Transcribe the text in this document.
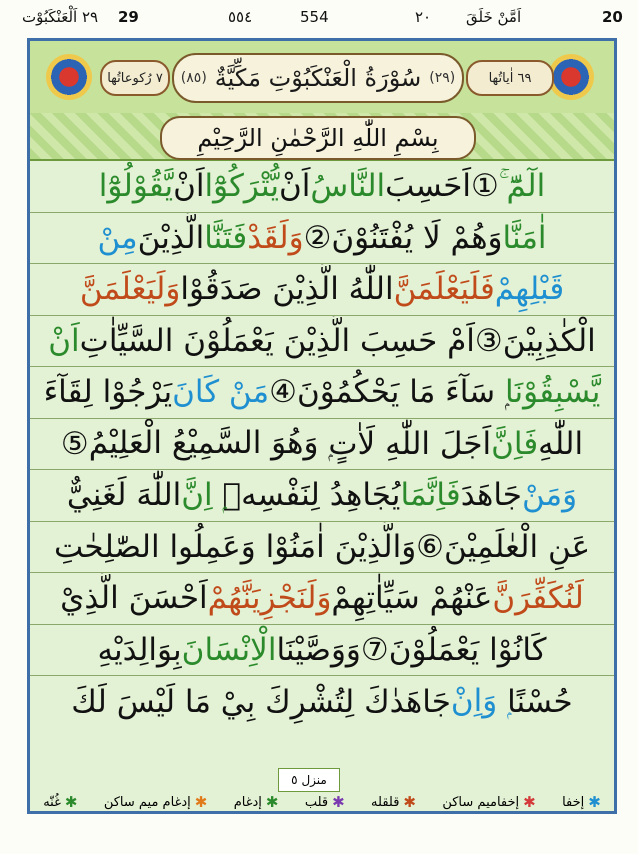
٢٩ اَلْعَنْكَبُوْت 29	٥٥٤	554	٢٠ اَمَّنْ خَلَقَ	20
٧ رُكوعاتُها	٦٩ اٰياتُها
(٢٩)
سُوْرَةُ الْعَنْكَبُوْتِ مَكِّيَّةٌ
(٨٥)
بِسْمِ اللّٰهِ الرَّحْمٰنِ الرَّحِيْمِ
الٓمّٓ ۚ
①
اَحَسِبَ
النَّاسُ
اَنْ
يُّتْرَكُوْٓا
اَنْ
يَّقُوْلُوْٓا
اٰمَنَّا
وَهُمْ لَا يُفْتَنُوْنَ
②
وَلَقَدْ
فَتَنَّا
الَّذِيْنَ
مِنْ
قَبْلِهِمْ
فَلَيَعْلَمَنَّ
اللّٰهُ الَّذِيْنَ صَدَقُوْا
وَلَيَعْلَمَنَّ
الْكٰذِبِيْنَ
③
اَمْ حَسِبَ الَّذِيْنَ يَعْمَلُوْنَ السَّيِّاٰتِ
اَنْ
يَّسْبِقُوْنَا
ۭ سَآءَ مَا يَحْكُمُوْنَ
④
مَنْ كَانَ
يَرْجُوْا لِقَآءَ
اللّٰهِ
فَاِنَّ
اَجَلَ اللّٰهِ لَاٰتٍ
ۭ وَهُوَ السَّمِيْعُ الْعَلِيْمُ
⑤
وَمَنْ
جَاهَدَ
فَاِنَّمَا
يُجَاهِدُ لِنَفْسِهٖ
ۭ اِنَّ
اللّٰهَ لَغَنِيٌّ
عَنِ الْعٰلَمِيْنَ
⑥
وَالَّذِيْنَ اٰمَنُوْا وَعَمِلُوا الصّٰلِحٰتِ
لَنُكَفِّرَنَّ
عَنْهُمْ سَيِّاٰتِهِمْ
وَلَنَجْزِيَنَّهُمْ
اَحْسَنَ الَّذِيْ
كَانُوْا يَعْمَلُوْنَ
⑦
وَوَصَّيْنَا
الْاِنْسَانَ
بِوَالِدَيْهِ
حُسْنًا
ۭ وَاِنْ
جَاهَدٰكَ لِتُشْرِكَ بِيْ مَا لَيْسَ لَكَ
منزل ٥
✱
إخفا
✱
إخفاميم ساكن
✱
قلقله
✱
قلب
✱
إدغام
✱
إدغام ميم ساكن
✱
غُنّه
